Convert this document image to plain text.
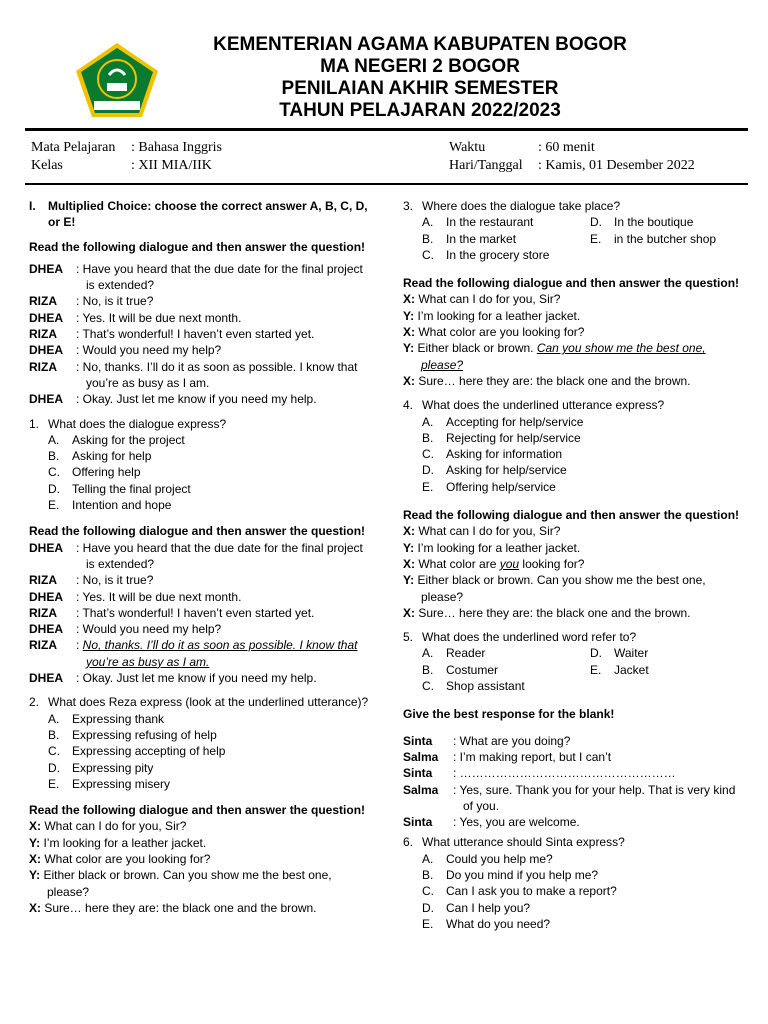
KEMENTERIAN AGAMA KABUPATEN BOGOR
MA NEGERI 2 BOGOR
PENILAIAN AKHIR SEMESTER
TAHUN PELAJARAN 2022/2023
Mata Pelajaran : Bahasa Inggris
Kelas	: XII MIA/IIK
Waktu	: 60 menit
Hari/Tanggal : Kamis, 01 Desember 2022
I.	Multiplied Choice: choose the correct answer A, B, C, D, or E!
Read the following dialogue and then answer the question!
DHEA	: Have you heard that the due date for the final project is extended?
RIZA	: No, is it true?
DHEA	: Yes. It will be due next month.
RIZA	: That’s wonderful! I haven’t even started yet.
DHEA	: Would you need my help?
RIZA	: No, thanks. I’ll do it as soon as possible. I know that you’re as busy as I am.
DHEA	: Okay. Just let me know if you need my help.
1. What does the dialogue express?
A.	Asking for the project
B.	Asking for help
C.	Offering help
D.	Telling the final project
E.	Intention and hope
Read the following dialogue and then answer the question!
DHEA	: Have you heard that the due date for the final project is extended?
RIZA	: No, is it true?
DHEA	: Yes. It will be due next month.
RIZA	: That’s wonderful! I haven’t even started yet.
DHEA	: Would you need my help?
RIZA	: No, thanks. I’ll do it as soon as possible. I know that you’re as busy as I am.
DHEA	: Okay. Just let me know if you need my help.
2. What does Reza express (look at the underlined utterance)?
A.	Expressing thank
B.	Expressing refusing of help
C.	Expressing accepting of help
D.	Expressing pity
E.	Expressing misery
Read the following dialogue and then answer the question!
X: What can I do for you, Sir?
Y: I’m looking for a leather jacket.
X: What color are you looking for?
Y: Either black or brown. Can you show me the best one, please?
X: Sure… here they are: the black one and the brown.
3. Where does the dialogue take place?
A.	In the restaurant	D.	In the boutique
B.	In the market	E.	in the butcher shop
C.	In the grocery store
Read the following dialogue and then answer the question!
X: What can I do for you, Sir?
Y: I’m looking for a leather jacket.
X: What color are you looking for?
Y: Either black or brown. Can you show me the best one, please?
X: Sure… here they are: the black one and the brown.
4. What does the underlined utterance express?
A.	Accepting for help/service
B.	Rejecting for help/service
C.	Asking for information
D.	Asking for help/service
E.	Offering help/service
Read the following dialogue and then answer the question!
X: What can I do for you, Sir?
Y: I’m looking for a leather jacket.
X: What color are you looking for?
Y: Either black or brown. Can you show me the best one, please?
X: Sure… here they are: the black one and the brown.
5. What does the underlined word refer to?
A.	Reader	D.	Waiter
B.	Costumer	E.	Jacket
C.	Shop assistant
Give the best response for the blank!
Sinta	: What are you doing?
Salma	: I’m making report, but I can’t
Sinta	: ………………………………………………
Salma	: Yes, sure. Thank you for your help. That is very kind of you.
Sinta	: Yes, you are welcome.
6. What utterance should Sinta express?
A.	Could you help me?
B.	Do you mind if you help me?
C.	Can I ask you to make a report?
D.	Can I help you?
E.	What do you need?
